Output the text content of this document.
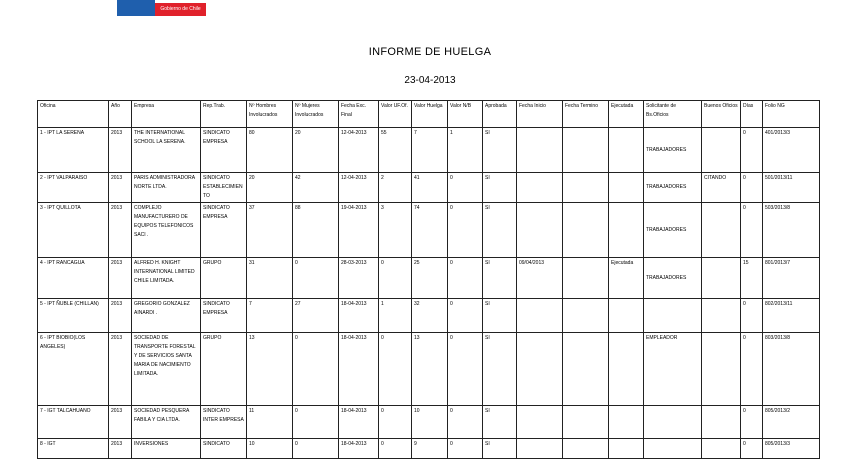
Gobierno de Chile
INFORME DE HUELGA
23-04-2013
Oficina	Año	Empresa	Rep.Trab.	Nº Hombres Involucrados	Nº Mujeres Involucrados	Fecha Exc. Final	Valor UF.Of.	Valor Huelga	Valor N/B	Aprobada	Fecha Inicio	Fecha Termino	Ejecutada	Solicitante de Bs.Oficios	Buenos Oficios	Días	Folio NG
1 - IPT LA SERENA	2013	THE INTERNATIONAL SCHOOL LA SERENA.	SINDICATO EMPRESA	80	20	12-04-2013	55	7	1	SI				TRABAJADORES		0	401/2013/3
2 - IPT VALPARAISO	2013	PARIS ADMINISTRADORA NORTE LTDA.	SINDICATO ESTABLECIMIENTO	20	42	12-04-2013	2	41	0	SI				TRABAJADORES	CITANDO	0	501/2013/11
3 - IPT QUILLOTA	2013	COMPLEJO MANUFACTURERO DE EQUIPOS TELEFONICOS SACI .	SINDICATO EMPRESA	37	88	19-04-2013	3	74	0	SI				TRABAJADORES		0	503/2013/8
4 - IPT RANCAGUA	2013	ALFRED H. KNIGHT INTERNATIONAL LIMITED CHILE LIMITADA.	GRUPO	31	0	28-03-2013	0	25	0	SI	09/04/2013		Ejecutada	TRABAJADORES		15	801/2013/7
5 - IPT ÑUBLE (CHILLAN)	2013	GREGORIO GONZALEZ AINARDI .	SINDICATO EMPRESA	7	27	18-04-2013	1	32	0	SI						0	802/2013/11
6 - IPT BIOBIO(LOS ANGELES)	2013	SOCIEDAD DE TRANSPORTE FORESTAL Y DE SERVICIOS SANTA MARIA DE NACIMIENTO LIMITADA.	GRUPO	13	0	18-04-2013	0	13	0	SI				EMPLEADOR		0	803/2013/8
7 - IGT TALCAHUANO	2013	SOCIEDAD PESQUERA FABILA Y CIA LTDA.	SINDICATO INTER EMPRESA	11	0	18-04-2013	0	10	0	SI						0	805/2013/2
8 - IGT	2013	INVERSIONES	SINDICATO	10	0	18-04-2013	0	9	0	SI						0	805/2013/3
